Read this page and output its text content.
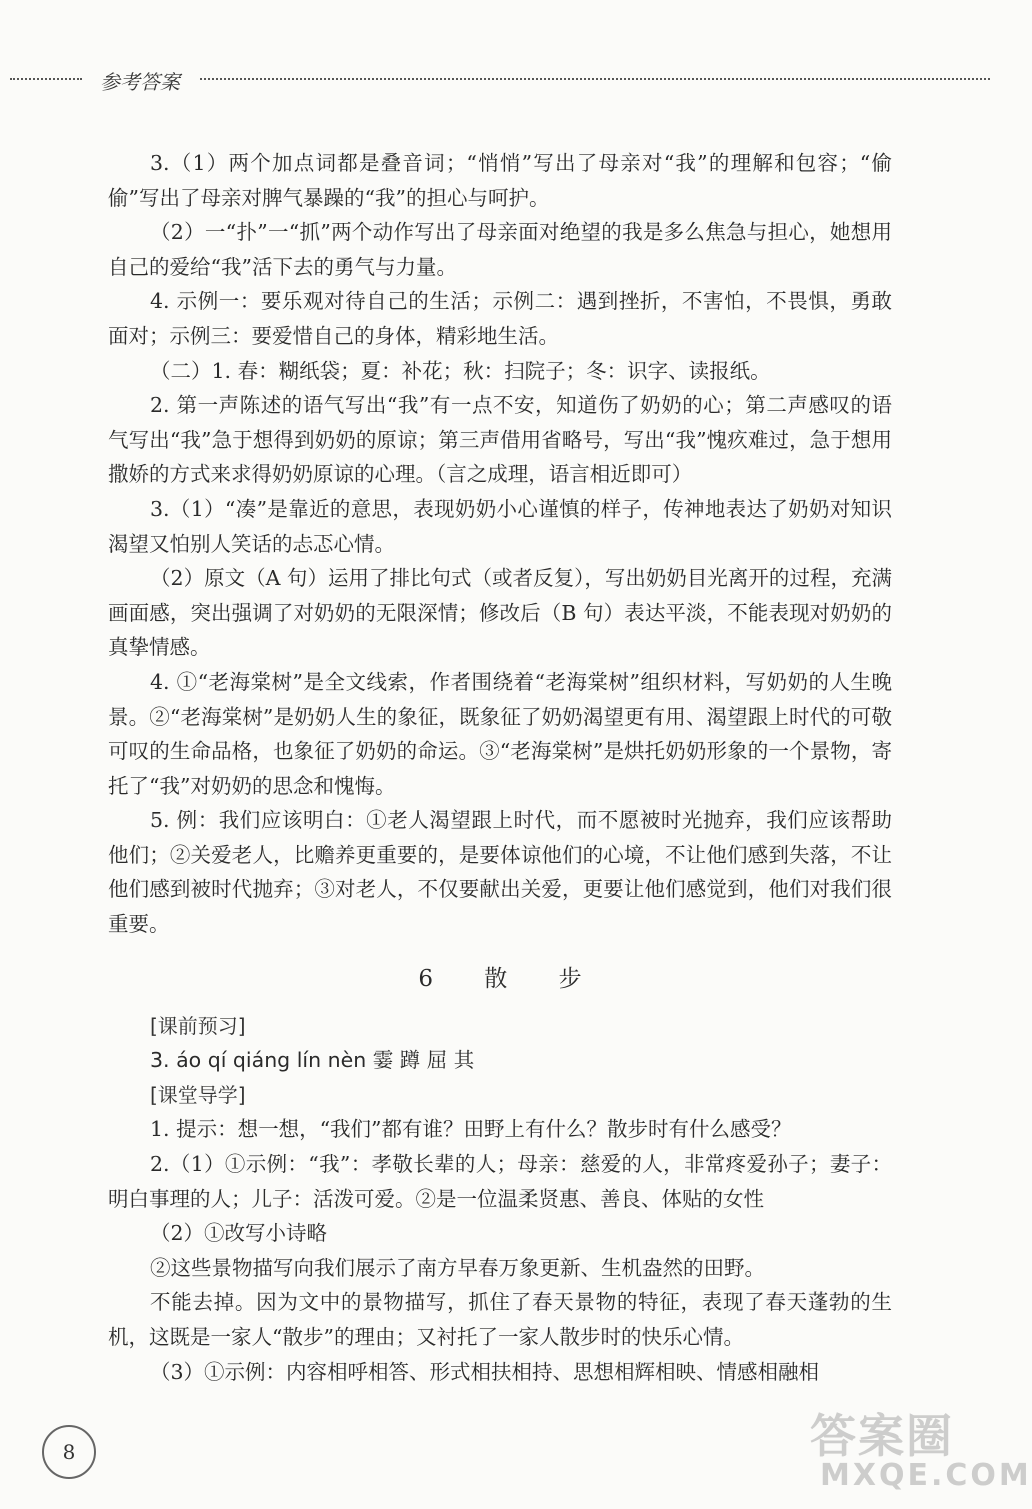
参考答案

3.（1）两个加点词都是叠音词；“悄悄”写出了母亲对“我”的理解和包容；“偷偷”写出了母亲对脾气暴躁的“我”的担心与呵护。

（2）一“扑”一“抓”两个动作写出了母亲面对绝望的我是多么焦急与担心，她想用自己的爱给“我”活下去的勇气与力量。

4. 示例一：要乐观对待自己的生活；示例二：遇到挫折，不害怕，不畏惧，勇敢面对；示例三：要爱惜自己的身体，精彩地生活。

（二）1. 春：糊纸袋；夏：补花；秋：扫院子；冬：识字、读报纸。

2. 第一声陈述的语气写出“我”有一点不安，知道伤了奶奶的心；第二声感叹的语气写出“我”急于想得到奶奶的原谅；第三声借用省略号，写出“我”愧疚难过，急于想用撒娇的方式来求得奶奶原谅的心理。（言之成理，语言相近即可）

3.（1）“凑”是靠近的意思，表现奶奶小心谨慎的样子，传神地表达了奶奶对知识渴望又怕别人笑话的忐忑心情。

（2）原文（A 句）运用了排比句式（或者反复），写出奶奶目光离开的过程，充满画面感，突出强调了对奶奶的无限深情；修改后（B 句）表达平淡，不能表现对奶奶的真挚情感。

4. ①“老海棠树”是全文线索，作者围绕着“老海棠树”组织材料，写奶奶的人生晚景。②“老海棠树”是奶奶人生的象征，既象征了奶奶渴望更有用、渴望跟上时代的可敬可叹的生命品格，也象征了奶奶的命运。③“老海棠树”是烘托奶奶形象的一个景物，寄托了“我”对奶奶的思念和愧悔。

5. 例：我们应该明白：①老人渴望跟上时代，而不愿被时光抛弃，我们应该帮助他们；②关爱老人，比赡养更重要的，是要体谅他们的心境，不让他们感到失落，不让他们感到被时代抛弃；③对老人，不仅要献出关爱，更要让他们感觉到，他们对我们很重要。

6 散 步

[课前预习]

3. áo qí qiáng lín nèn 霎 蹲 屈 其

[课堂导学]

1. 提示：想一想，“我们”都有谁？田野上有什么？散步时有什么感受？

2.（1）①示例：“我”：孝敬长辈的人；母亲：慈爱的人，非常疼爱孙子；妻子：明白事理的人；儿子：活泼可爱。②是一位温柔贤惠、善良、体贴的女性

（2）①改写小诗略

②这些景物描写向我们展示了南方早春万象更新、生机盎然的田野。

不能去掉。因为文中的景物描写，抓住了春天景物的特征，表现了春天蓬勃的生机，这既是一家人“散步”的理由；又衬托了一家人散步时的快乐心情。

（3）①示例：内容相呼相答、形式相扶相持、思想相辉相映、情感相融相

8	答案圈
MXQE.COM
